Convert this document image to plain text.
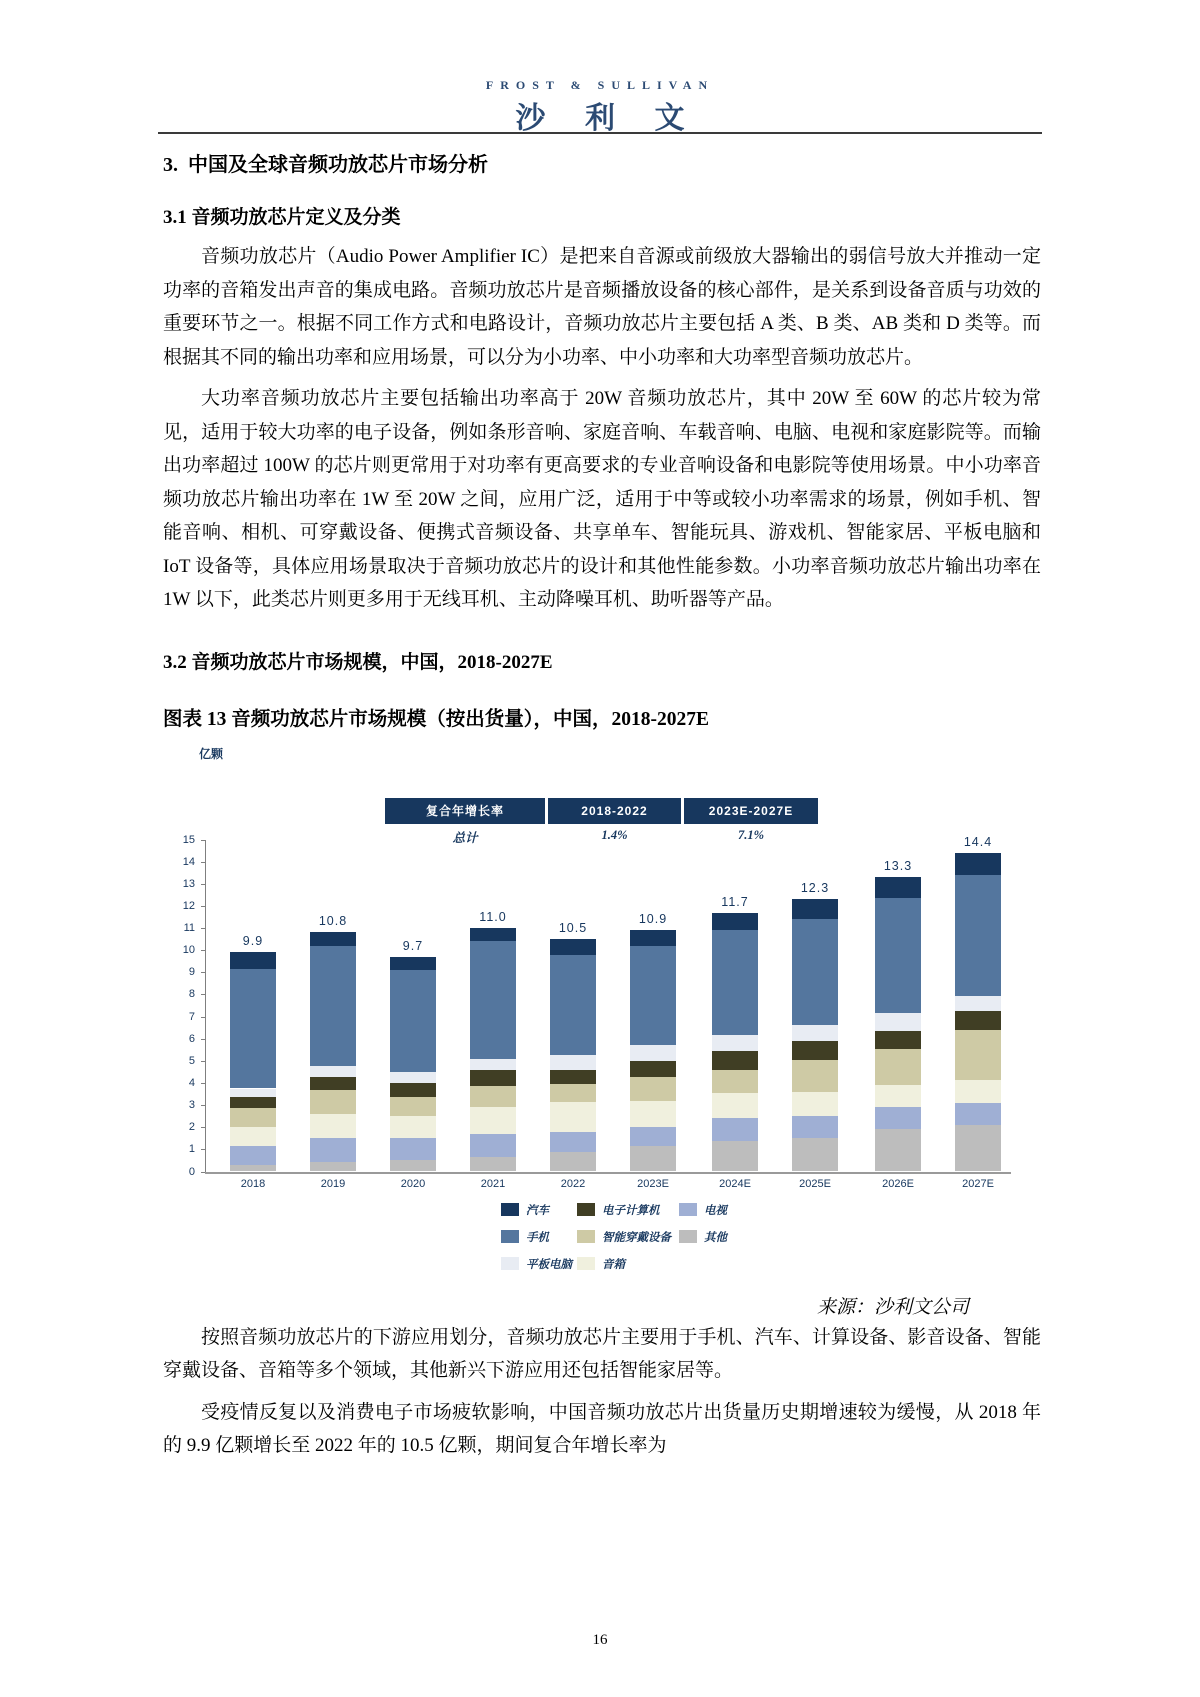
FROST & SULLIVAN
沙 利 文
3.  中国及全球音频功放芯片市场分析
3.1 音频功放芯片定义及分类

音频功放芯片（Audio Power Amplifier IC）是把来自音源或前级放大器输出的弱信号放大并推动一定功率的音箱发出声音的集成电路。音频功放芯片是音频播放设备的核心部件，是关系到设备音质与功效的重要环节之一。根据不同工作方式和电路设计，音频功放芯片主要包括 A 类、B 类、AB 类和 D 类等。而根据其不同的输出功率和应用场景，可以分为小功率、中小功率和大功率型音频功放芯片。

大功率音频功放芯片主要包括输出功率高于 20W 音频功放芯片，其中 20W 至 60W 的芯片较为常见，适用于较大功率的电子设备，例如条形音响、家庭音响、车载音响、电脑、电视和家庭影院等。而输出功率超过 100W 的芯片则更常用于对功率有更高要求的专业音响设备和电影院等使用场景。中小功率音频功放芯片输出功率在 1W 至 20W 之间，应用广泛，适用于中等或较小功率需求的场景，例如手机、智能音响、相机、可穿戴设备、便携式音频设备、共享单车、智能玩具、游戏机、智能家居、平板电脑和 IoT 设备等，具体应用场景取决于音频功放芯片的设计和其他性能参数。小功率音频功放芯片输出功率在 1W 以下，此类芯片则更多用于无线耳机、主动降噪耳机、助听器等产品。

3.2 音频功放芯片市场规模，中国，2018-2027E
图表 13 音频功放芯片市场规模（按出货量），中国，2018-2027E
亿颗
复合年增长率	2018-2022	2023E-2027E
总计	1.4%	7.1%
0
1
2
3
4
5
6
7
8
9
10
11
12
13
14
15
9.9
2018
10.8
2019
9.7
2020
11.0
2021
10.5
2022
10.9
2023E
11.7
2024E
12.3
2025E
13.3
2026E
14.4
2027E
汽车
手机
平板电脑
电子计算机
智能穿戴设备
音箱
电视
其他

来源：沙利文公司

按照音频功放芯片的下游应用划分，音频功放芯片主要用于手机、汽车、计算设备、影音设备、智能穿戴设备、音箱等多个领域，其他新兴下游应用还包括智能家居等。

受疫情反复以及消费电子市场疲软影响，中国音频功放芯片出货量历史期增速较为缓慢，从 2018 年的 9.9 亿颗增长至 2022 年的 10.5 亿颗，期间复合年增长率为

16
